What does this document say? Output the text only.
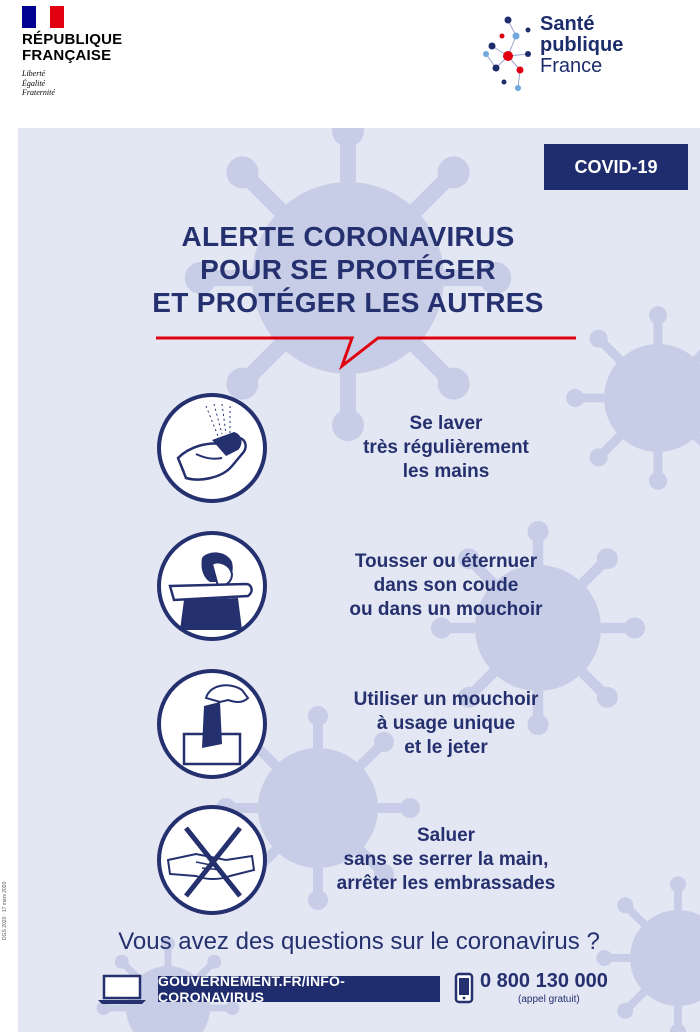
RÉPUBLIQUE
FRANÇAISE
Liberté
Égalité
Fraternité
Santé
publique
France
COVID-19
ALERTE CORONAVIRUS
POUR SE PROTÉGER
ET PROTÉGER LES AUTRES
Se laver
très régulièrement
les mains
Tousser ou éternuer
dans son coude
ou dans un mouchoir
Utiliser un mouchoir
à usage unique
et le jeter
Saluer
sans se serrer la main,
arrêter les embrassades
Vous avez des questions sur le coronavirus ?
GOUVERNEMENT.FR/INFO-CORONAVIRUS
0 800 130 000
(appel gratuit)
DGS 2020 · 17 mars 2020
